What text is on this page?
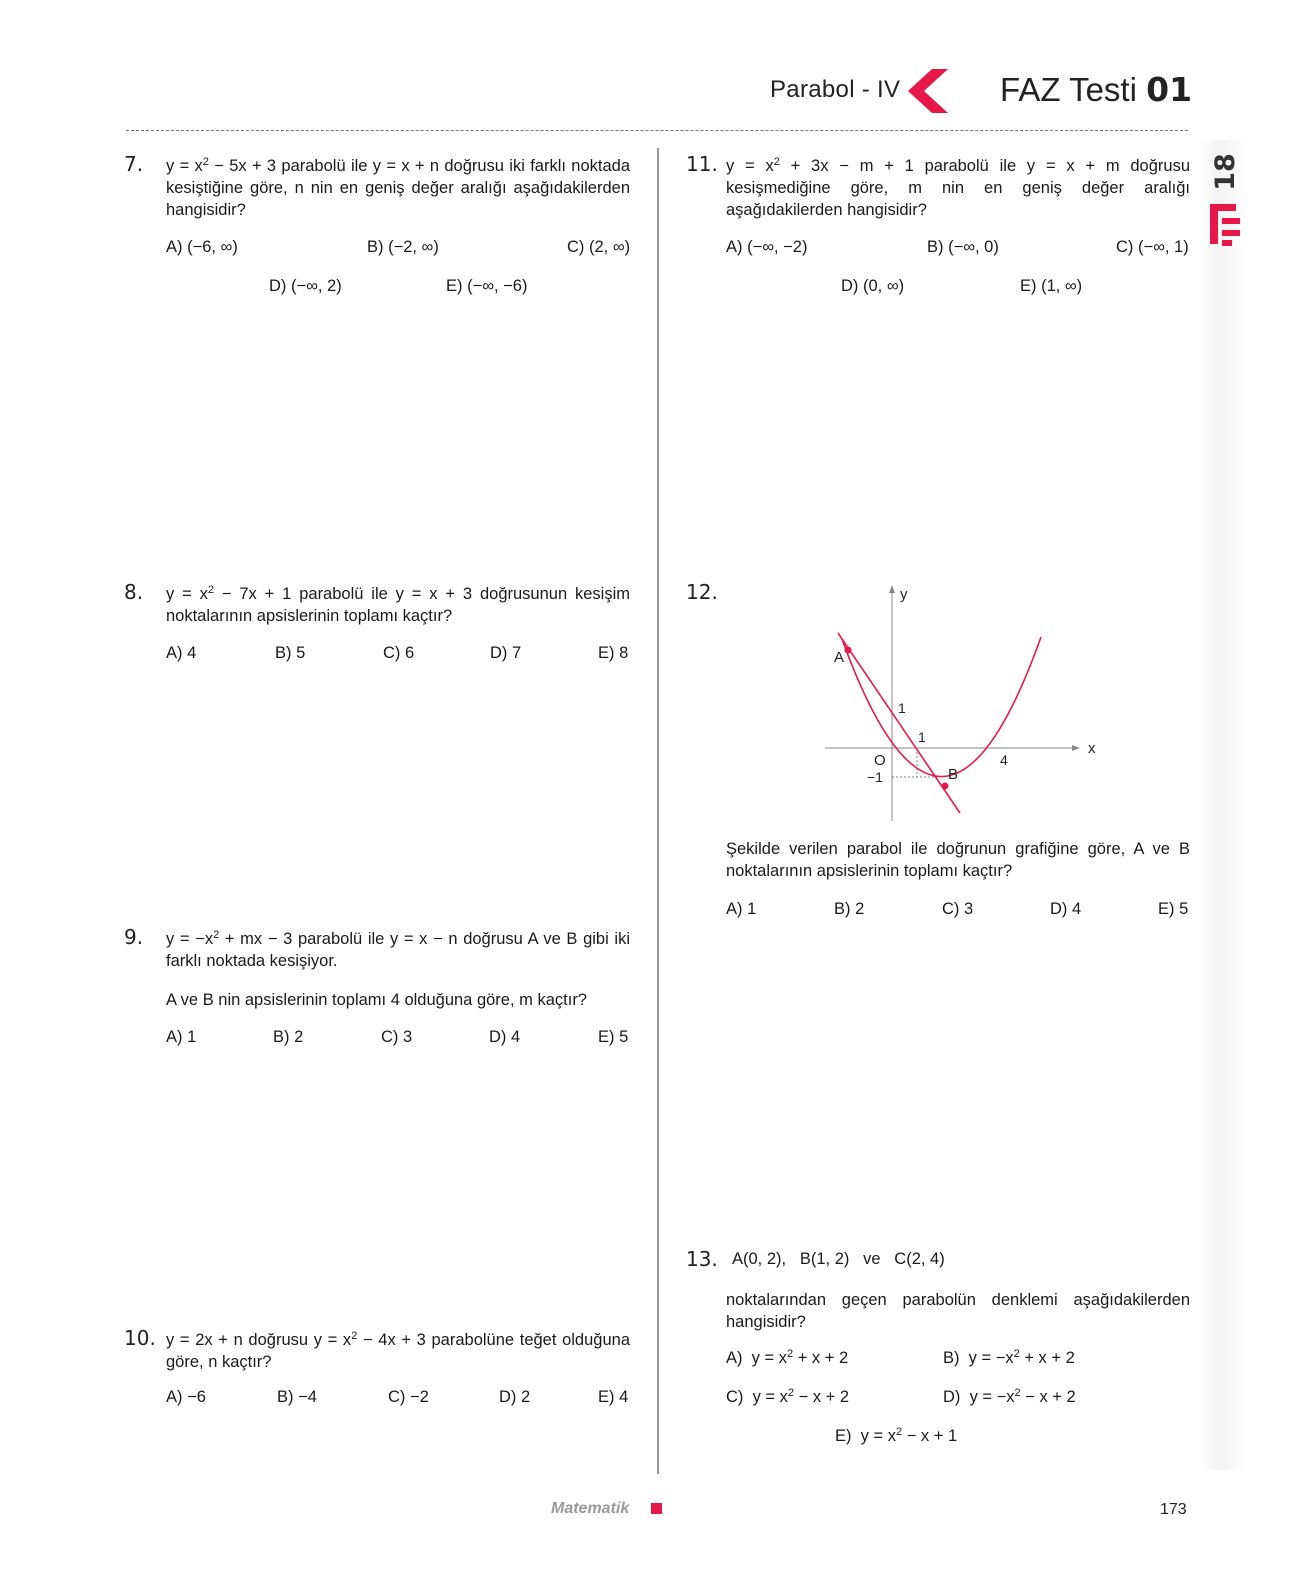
Parabol - IV	FAZ Testi 01
18
7. $y = x^2 - 5x + 3$ parabolü ile y = x + n doğrusu iki farklı noktada kesiştiğine göre, n nin en geniş değer aralığı aşağıdakilerden hangisidir?
A) (−6, ∞)	B) (−2, ∞)	C) (2, ∞)
D) (−∞, 2)	E) (−∞, −6)
8. $y = x^2 - 7x + 1$ parabolü ile y = x + 3 doğrusunun kesişim noktalarının apsislerinin toplamı kaçtır?
A) 4	B) 5	C) 6	D) 7	E) 8
9. $y = -x^2$ + mx − 3 parabolü ile y = x − n doğrusu A ve B gibi iki farklı noktada kesişiyor.
A ve B nin apsislerinin toplamı 4 olduğuna göre, m kaçtır?
A) 1	B) 2	C) 3	D) 4	E) 5
10. y = 2x + n doğrusu $y = x^2 - 4x + 3$ parabolüne teğet olduğuna göre, n kaçtır?
A) −6	B) −4	C) −2	D) 2	E) 4
11. $y = x^2 + 3x - m + 1$ parabolü ile y = x + m doğrusu kesişmediğine göre, m nin en geniş değer aralığı aşağıdakilerden hangisidir?
A) (−∞, −2)	B) (−∞, 0)	C) (−∞, 1)
D) (0, ∞)	E) (1, ∞)
12.
x
y
A
B
1
1
4
O
−1
Şekilde verilen parabol ile doğrunun grafiğine göre, A ve B noktalarının apsislerinin toplamı kaçtır?
A) 1	B) 2	C) 3	D) 4	E) 5
13. A(0, 2),   B(1, 2)   ve   C(2, 4)
noktalarından geçen parabolün denklemi aşağıdakilerden hangisidir?
A)  $y = x^2 + x + 2$	B)  $y = -x^2 + x + 2$
C)  $y = x^2 - x + 2$	D)  $y = -x^2 - x + 2$
E)  $y = x^2 - x + 1$
Matematik	173
